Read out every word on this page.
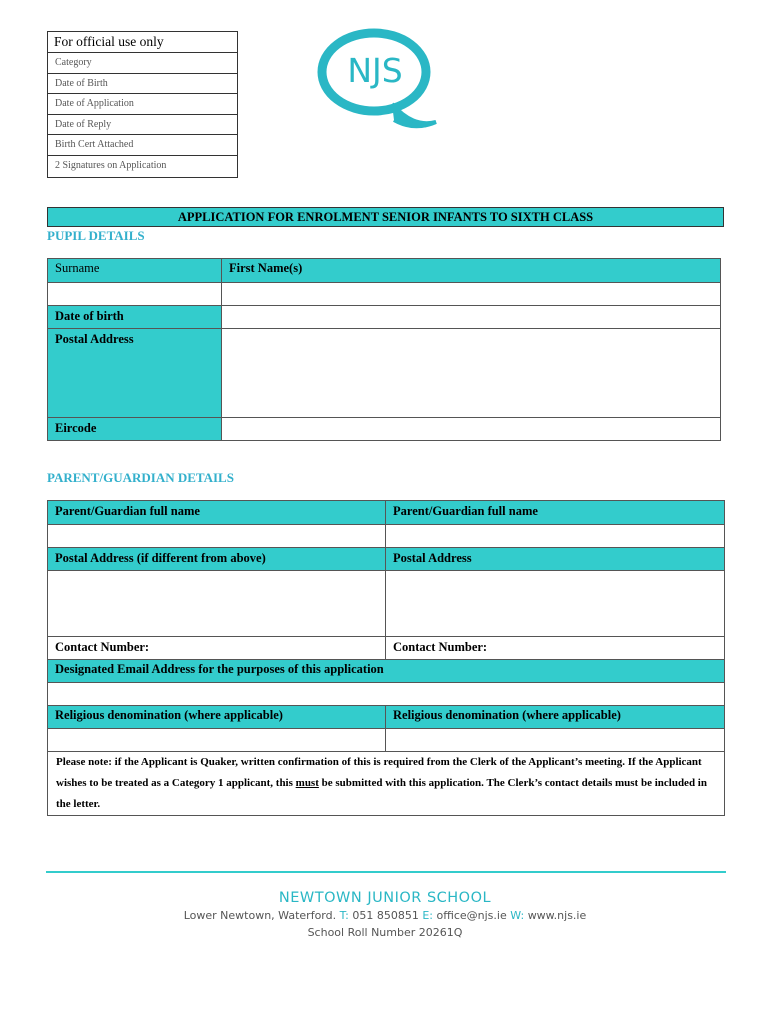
For official use only
Category
Date of Birth
Date of Application
Date of Reply
Birth Cert Attached
2 Signatures on Application
NJS
APPLICATION FOR ENROLMENT SENIOR INFANTS TO SIXTH CLASS
PUPIL DETAILS
Surname	First Name(s)

Date of birth	
Postal Address	
Eircode	
PARENT/GUARDIAN DETAILS
Parent/Guardian full name	Parent/Guardian full name

Postal Address (if different from above)	Postal Address

Contact Number:	Contact Number:
Designated Email Address for the purposes of this application	

Religious denomination (where applicable)	Religious denomination (where applicable)

Please note: if the Applicant is Quaker, written confirmation of this is required from the Clerk of the Applicant’s meeting. If the Applicant wishes to be treated as a Category 1 applicant, this must be submitted with this application. The Clerk’s contact details must be included in the letter.	
NEWTOWN JUNIOR SCHOOL
Lower Newtown, Waterford. T: 051 850851 E: office@njs.ie W: www.njs.ie
School Roll Number 20261Q
